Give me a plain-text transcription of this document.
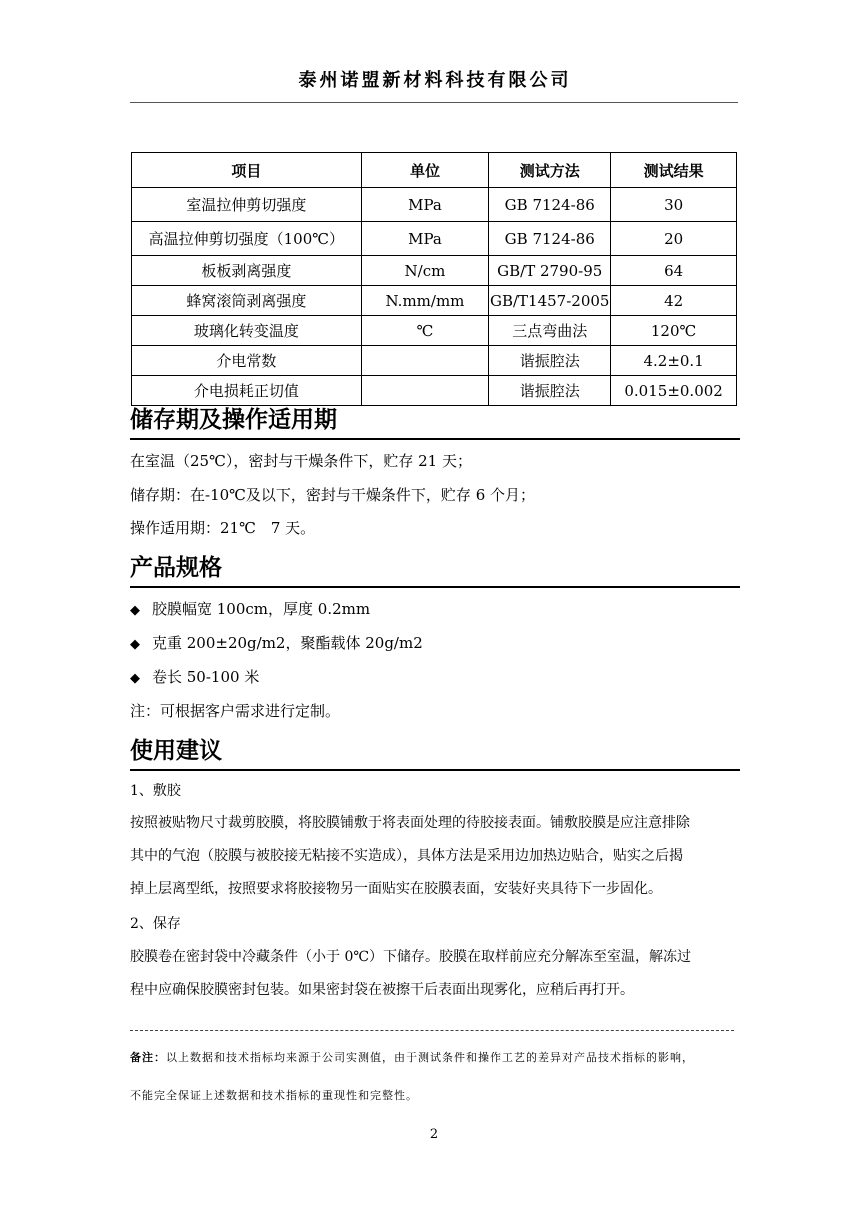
泰州诺盟新材料科技有限公司
项目	单位	测试方法	测试结果
室温拉伸剪切强度	MPa	GB 7124-86	30
高温拉伸剪切强度（100℃）	MPa	GB 7124-86	20
板板剥离强度	N/cm	GB/T 2790-95	64
蜂窝滚筒剥离强度	N.mm/mm	GB/T1457-2005	42
玻璃化转变温度	℃	三点弯曲法	120℃
介电常数		谐振腔法	4.2±0.1
介电损耗正切值		谐振腔法	0.015±0.002
储存期及操作适用期
在室温（25℃），密封与干燥条件下，贮存 21 天；
储存期：在-10℃及以下，密封与干燥条件下，贮存 6 个月；
操作适用期：21℃　7 天。
产品规格
◆ 胶膜幅宽 100cm，厚度 0.2mm
◆ 克重 200±20g/m2，聚酯载体 20g/m2
◆ 卷长 50-100 米
注：可根据客户需求进行定制。
使用建议
1、敷胶
按照被贴物尺寸裁剪胶膜，将胶膜铺敷于将表面处理的待胶接表面。铺敷胶膜是应注意排除
其中的气泡（胶膜与被胶接无粘接不实造成），具体方法是采用边加热边贴合，贴实之后揭
掉上层离型纸，按照要求将胶接物另一面贴实在胶膜表面，安装好夹具待下一步固化。
2、保存
胶膜卷在密封袋中冷藏条件（小于 0℃）下储存。胶膜在取样前应充分解冻至室温，解冻过
程中应确保胶膜密封包装。如果密封袋在被擦干后表面出现雾化，应稍后再打开。
备注：以上数据和技术指标均来源于公司实测值，由于测试条件和操作工艺的差异对产品技术指标的影响，
不能完全保证上述数据和技术指标的重现性和完整性。
2
